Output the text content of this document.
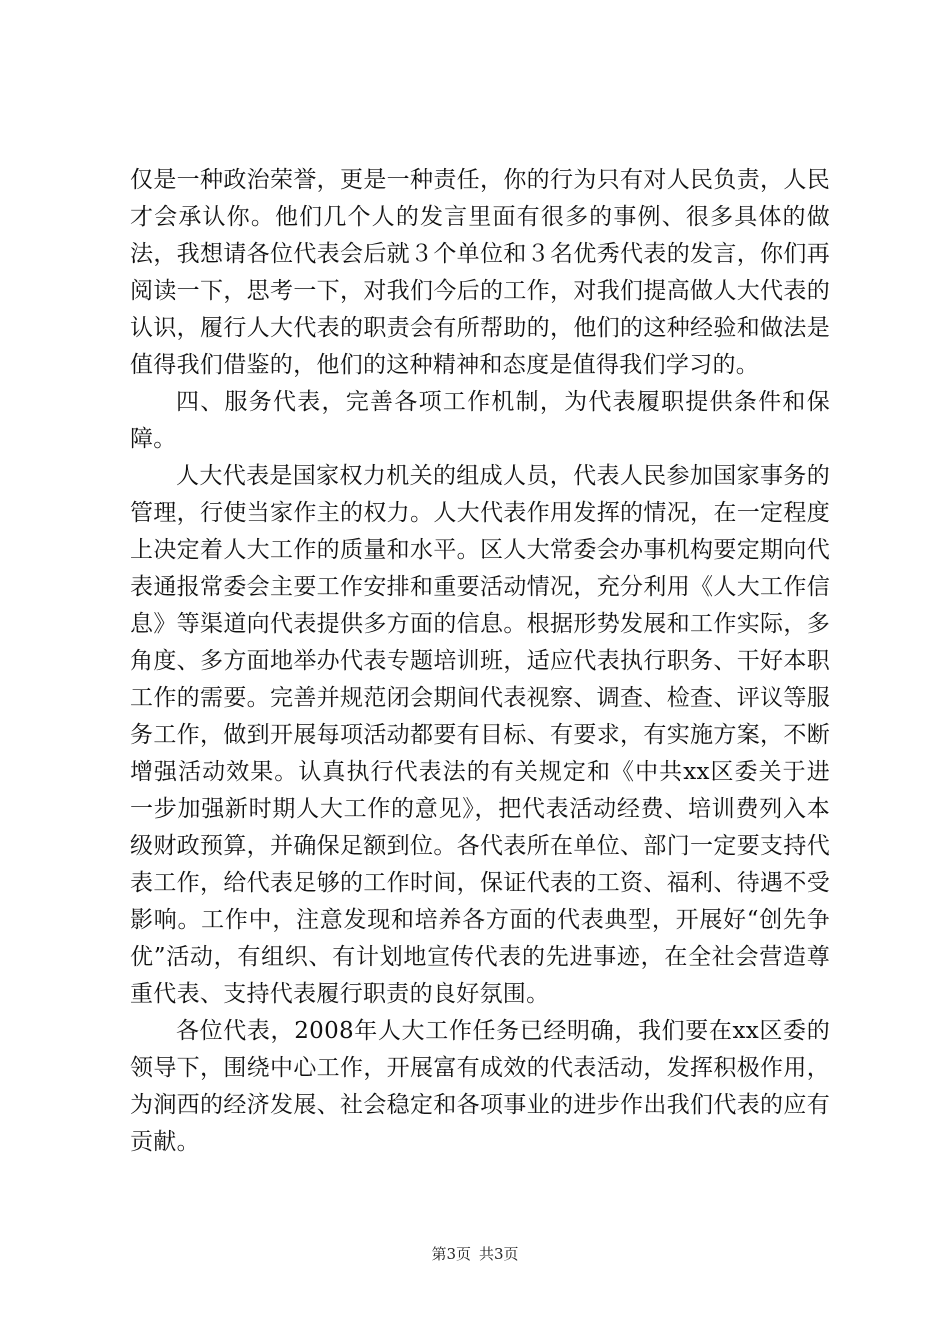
仅是一种政治荣誉，更是一种责任，你的行为只有对人民负责，人民才会承认你。他们几个人的发言里面有很多的事例、很多具体的做法，我想请各位代表会后就３个单位和３名优秀代表的发言，你们再阅读一下，思考一下，对我们今后的工作，对我们提高做人大代表的认识，履行人大代表的职责会有所帮助的，他们的这种经验和做法是值得我们借鉴的，他们的这种精神和态度是值得我们学习的。

四、服务代表，完善各项工作机制，为代表履职提供条件和保障。

人大代表是国家权力机关的组成人员，代表人民参加国家事务的管理，行使当家作主的权力。人大代表作用发挥的情况，在一定程度上决定着人大工作的质量和水平。区人大常委会办事机构要定期向代表通报常委会主要工作安排和重要活动情况，充分利用《人大工作信息》等渠道向代表提供多方面的信息。根据形势发展和工作实际，多角度、多方面地举办代表专题培训班，适应代表执行职务、干好本职工作的需要。完善并规范闭会期间代表视察、调查、检查、评议等服务工作，做到开展每项活动都要有目标、有要求，有实施方案，不断增强活动效果。认真执行代表法的有关规定和《中共xx区委关于进一步加强新时期人大工作的意见》，把代表活动经费、培训费列入本级财政预算，并确保足额到位。各代表所在单位、部门一定要支持代表工作，给代表足够的工作时间，保证代表的工资、福利、待遇不受影响。工作中，注意发现和培养各方面的代表典型，开展好“创先争优”活动，有组织、有计划地宣传代表的先进事迹，在全社会营造尊重代表、支持代表履行职责的良好氛围。

各位代表，2008年人大工作任务已经明确，我们要在xx区委的领导下，围绕中心工作，开展富有成效的代表活动，发挥积极作用，为涧西的经济发展、社会稳定和各项事业的进步作出我们代表的应有贡献。

第3页 共3页
